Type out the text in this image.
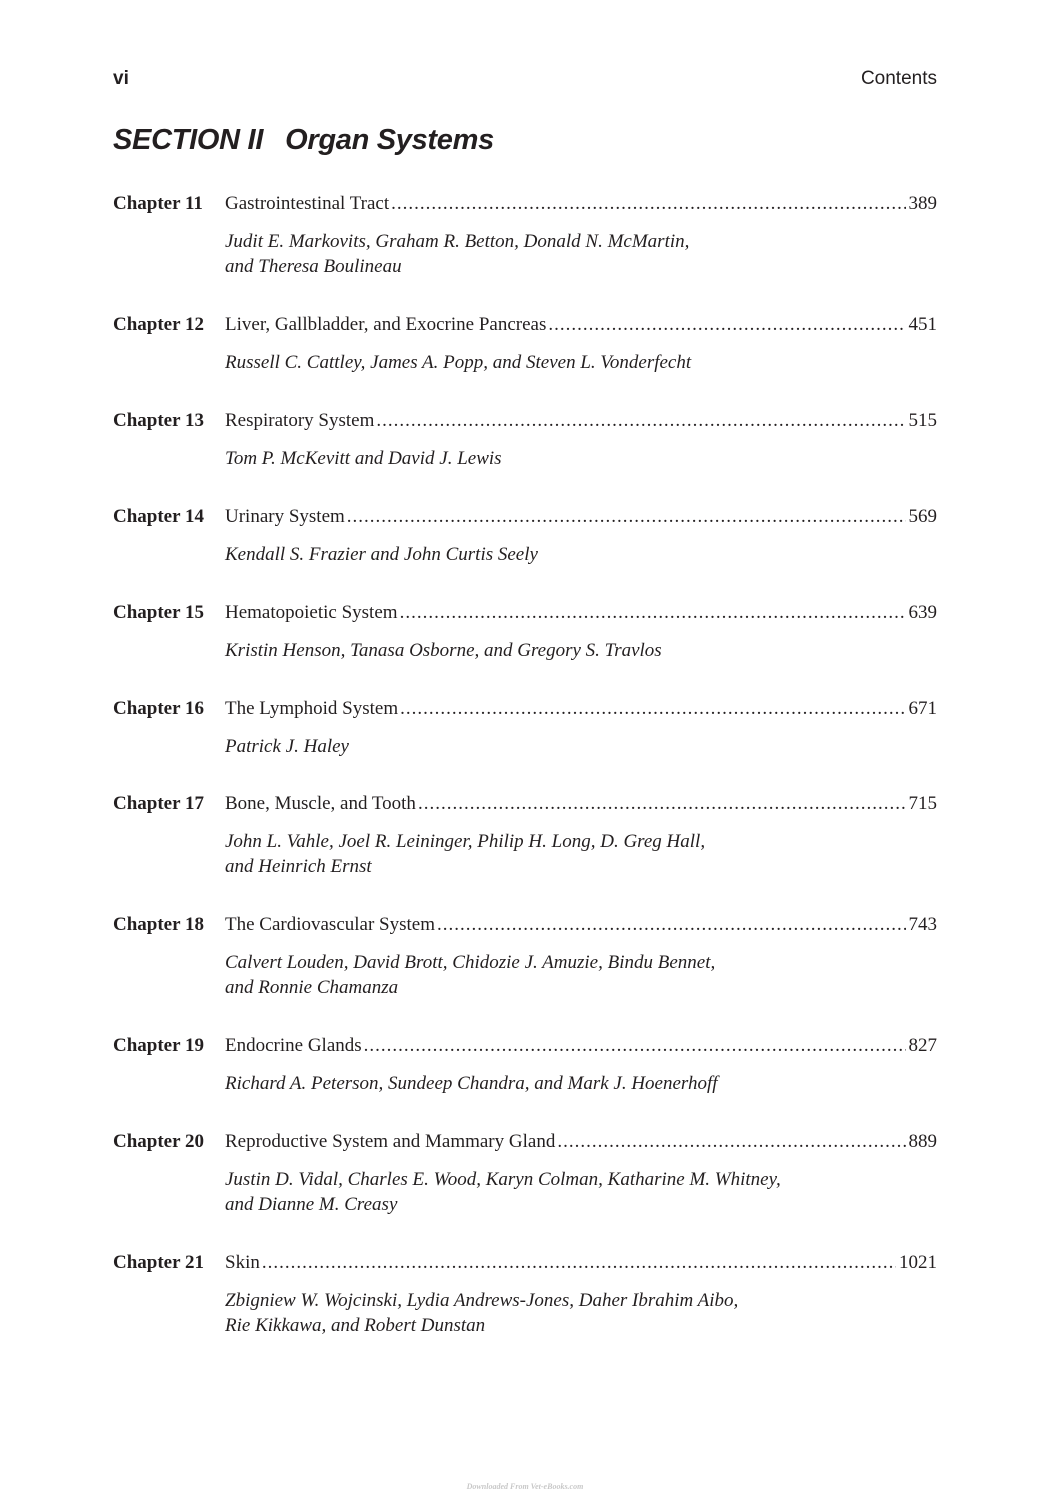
vi	Contents
SECTION II Organ Systems
Chapter 11	Gastrointestinal Tract .....	389
Judit E. Markovits, Graham R. Betton, Donald N. McMartin,
and Theresa Boulineau
Chapter 12	Liver, Gallbladder, and Exocrine Pancreas .....	451
Russell C. Cattley, James A. Popp, and Steven L. Vonderfecht
Chapter 13	Respiratory System .....	515
Tom P. McKevitt and David J. Lewis
Chapter 14	Urinary System .....	569
Kendall S. Frazier and John Curtis Seely
Chapter 15	Hematopoietic System .....	639
Kristin Henson, Tanasa Osborne, and Gregory S. Travlos
Chapter 16	The Lymphoid System .....	671
Patrick J. Haley
Chapter 17	Bone, Muscle, and Tooth .....	715
John L. Vahle, Joel R. Leininger, Philip H. Long, D. Greg Hall,
and Heinrich Ernst
Chapter 18	The Cardiovascular System .....	743
Calvert Louden, David Brott, Chidozie J. Amuzie, Bindu Bennet,
and Ronnie Chamanza
Chapter 19	Endocrine Glands .....	827
Richard A. Peterson, Sundeep Chandra, and Mark J. Hoenerhoff
Chapter 20	Reproductive System and Mammary Gland .....	889
Justin D. Vidal, Charles E. Wood, Karyn Colman, Katharine M. Whitney,
and Dianne M. Creasy
Chapter 21	Skin .....	1021
Zbigniew W. Wojcinski, Lydia Andrews-Jones, Daher Ibrahim Aibo,
Rie Kikkawa, and Robert Dunstan
Downloaded From Vet-eBooks.com
